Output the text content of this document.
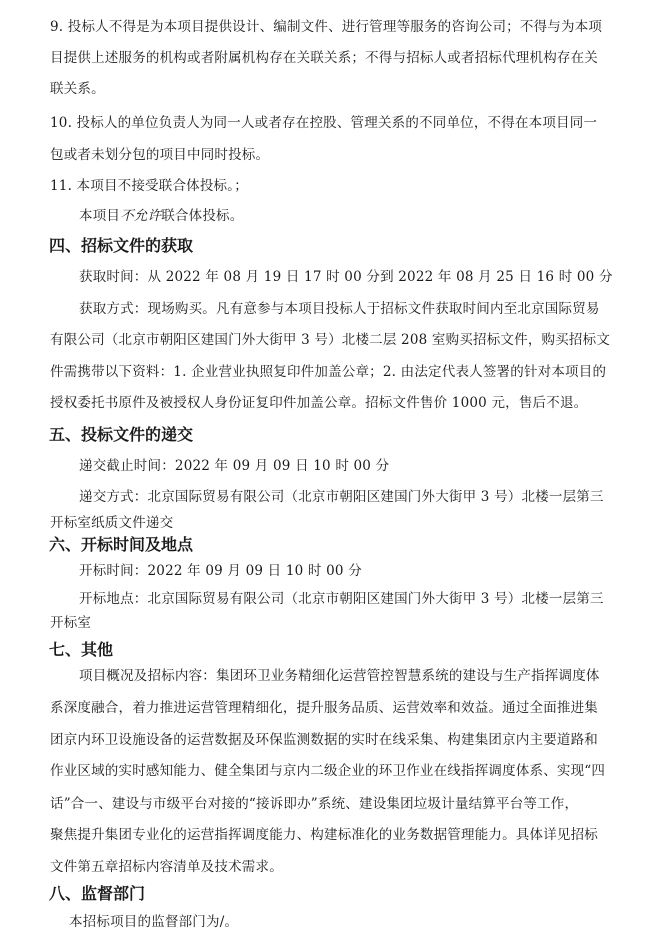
9. 投标人不得是为本项目提供设计、编制文件、进行管理等服务的咨询公司；不得与为本项
目提供上述服务的机构或者附属机构存在关联关系；不得与招标人或者招标代理机构存在关
联关系。
10. 投标人的单位负责人为同一人或者存在控股、管理关系的不同单位，不得在本项目同一
包或者未划分包的项目中同时投标。
11. 本项目不接受联合体投标。；
本项目不允许联合体投标。
四、招标文件的获取
获取时间：从 2022 年 08 月 19 日 17 时 00 分到 2022 年 08 月 25 日 16 时 00 分
获取方式：现场购买。凡有意参与本项目投标人于招标文件获取时间内至北京国际贸易
有限公司（北京市朝阳区建国门外大街甲 3 号）北楼二层 208 室购买招标文件，购买招标文
件需携带以下资料：1. 企业营业执照复印件加盖公章；2. 由法定代表人签署的针对本项目的
授权委托书原件及被授权人身份证复印件加盖公章。招标文件售价 1000 元，售后不退。
五、投标文件的递交
递交截止时间：2022 年 09 月 09 日 10 时 00 分
递交方式：北京国际贸易有限公司（北京市朝阳区建国门外大街甲 3 号）北楼一层第三
开标室纸质文件递交
六、开标时间及地点
开标时间：2022 年 09 月 09 日 10 时 00 分
开标地点：北京国际贸易有限公司（北京市朝阳区建国门外大街甲 3 号）北楼一层第三
开标室
七、其他
项目概况及招标内容：集团环卫业务精细化运营管控智慧系统的建设与生产指挥调度体
系深度融合，着力推进运营管理精细化，提升服务品质、运营效率和效益。通过全面推进集
团京内环卫设施设备的运营数据及环保监测数据的实时在线采集、构建集团京内主要道路和
作业区域的实时感知能力、健全集团与京内二级企业的环卫作业在线指挥调度体系、实现“四
话”合一、建设与市级平台对接的“接诉即办”系统、建设集团垃圾计量结算平台等工作，
聚焦提升集团专业化的运营指挥调度能力、构建标准化的业务数据管理能力。具体详见招标
文件第五章招标内容清单及技术需求。
八、监督部门
本招标项目的监督部门为/。
